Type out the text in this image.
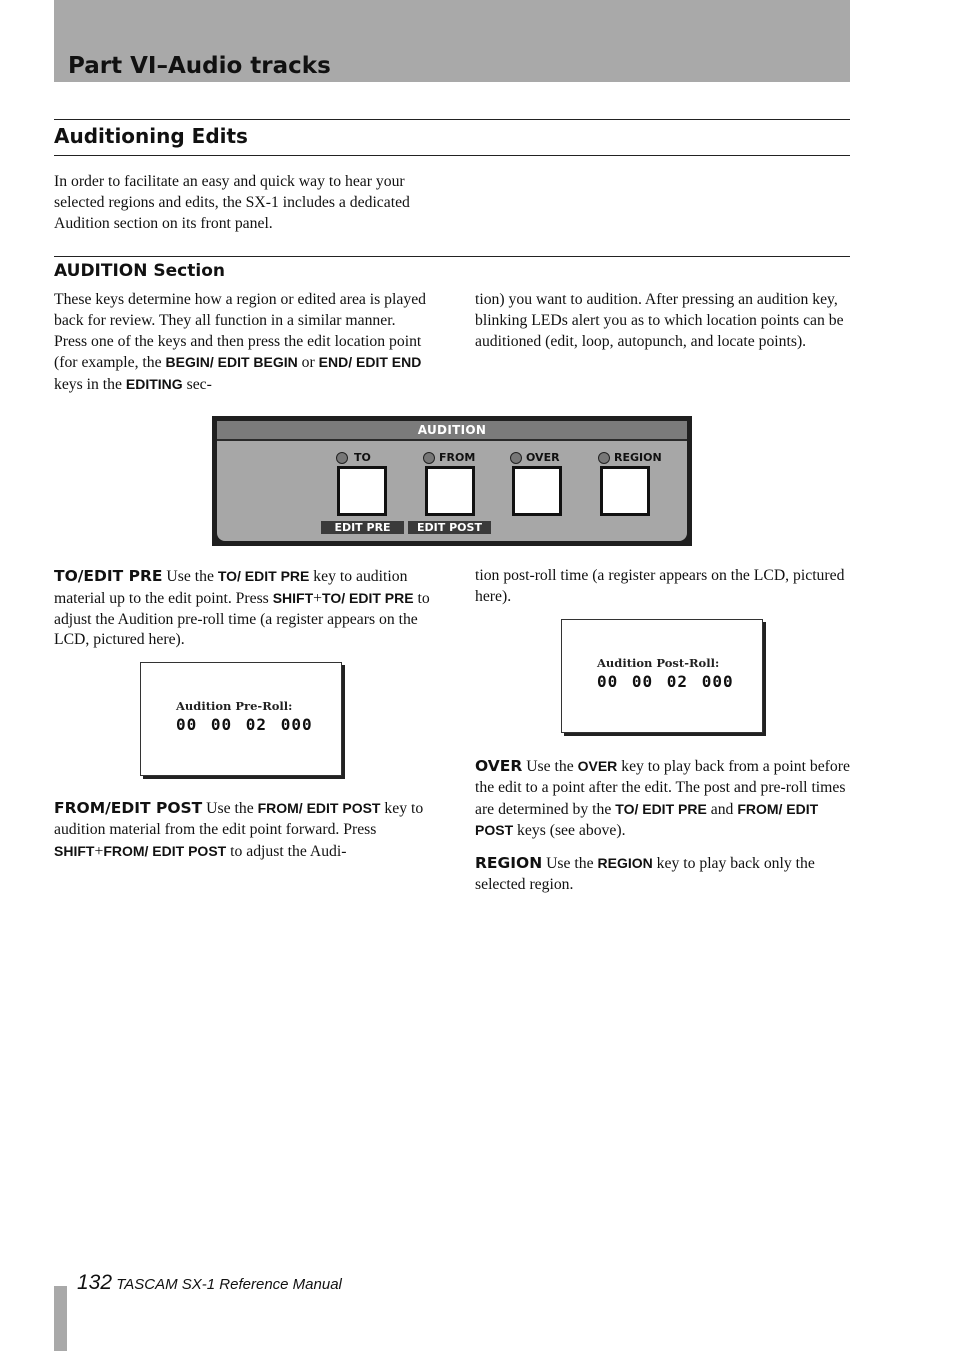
Part VI–Audio tracks
Auditioning Edits

In order to facilitate an easy and quick way to hear your selected regions and edits, the SX-1 includes a dedicated Audition section on its front panel.

AUDITION Section

These keys determine how a region or edited area is played back for review. They all function in a similar manner. Press one of the keys and then press the edit location point (for example, the BEGIN/ EDIT BEGIN or END/ EDIT END keys in the EDITING sec-

tion) you want to audition. After pressing an audition key, blinking LEDs alert you as to which location points can be auditioned (edit, loop, autopunch, and locate points).

AUDITION
TO	FROM	OVER	REGION
EDIT PRE	EDIT POST

TO/EDIT PRE Use the TO/ EDIT PRE key to audition material up to the edit point. Press SHIFT+TO/ EDIT PRE to adjust the Audition pre-roll time (a register appears on the LCD, pictured here).

Audition Pre-Roll:
00 00 02 000

FROM/EDIT POST Use the FROM/ EDIT POST key to audition material from the edit point forward. Press SHIFT+FROM/ EDIT POST to adjust the Audi-

tion post-roll time (a register appears on the LCD, pictured here).

Audition Post-Roll:
00 00 02 000

OVER Use the OVER key to play back from a point before the edit to a point after the edit. The post and pre-roll times are determined by the TO/ EDIT PRE and FROM/ EDIT POST keys (see above).

REGION Use the REGION key to play back only the selected region.

132 TASCAM SX-1 Reference Manual
